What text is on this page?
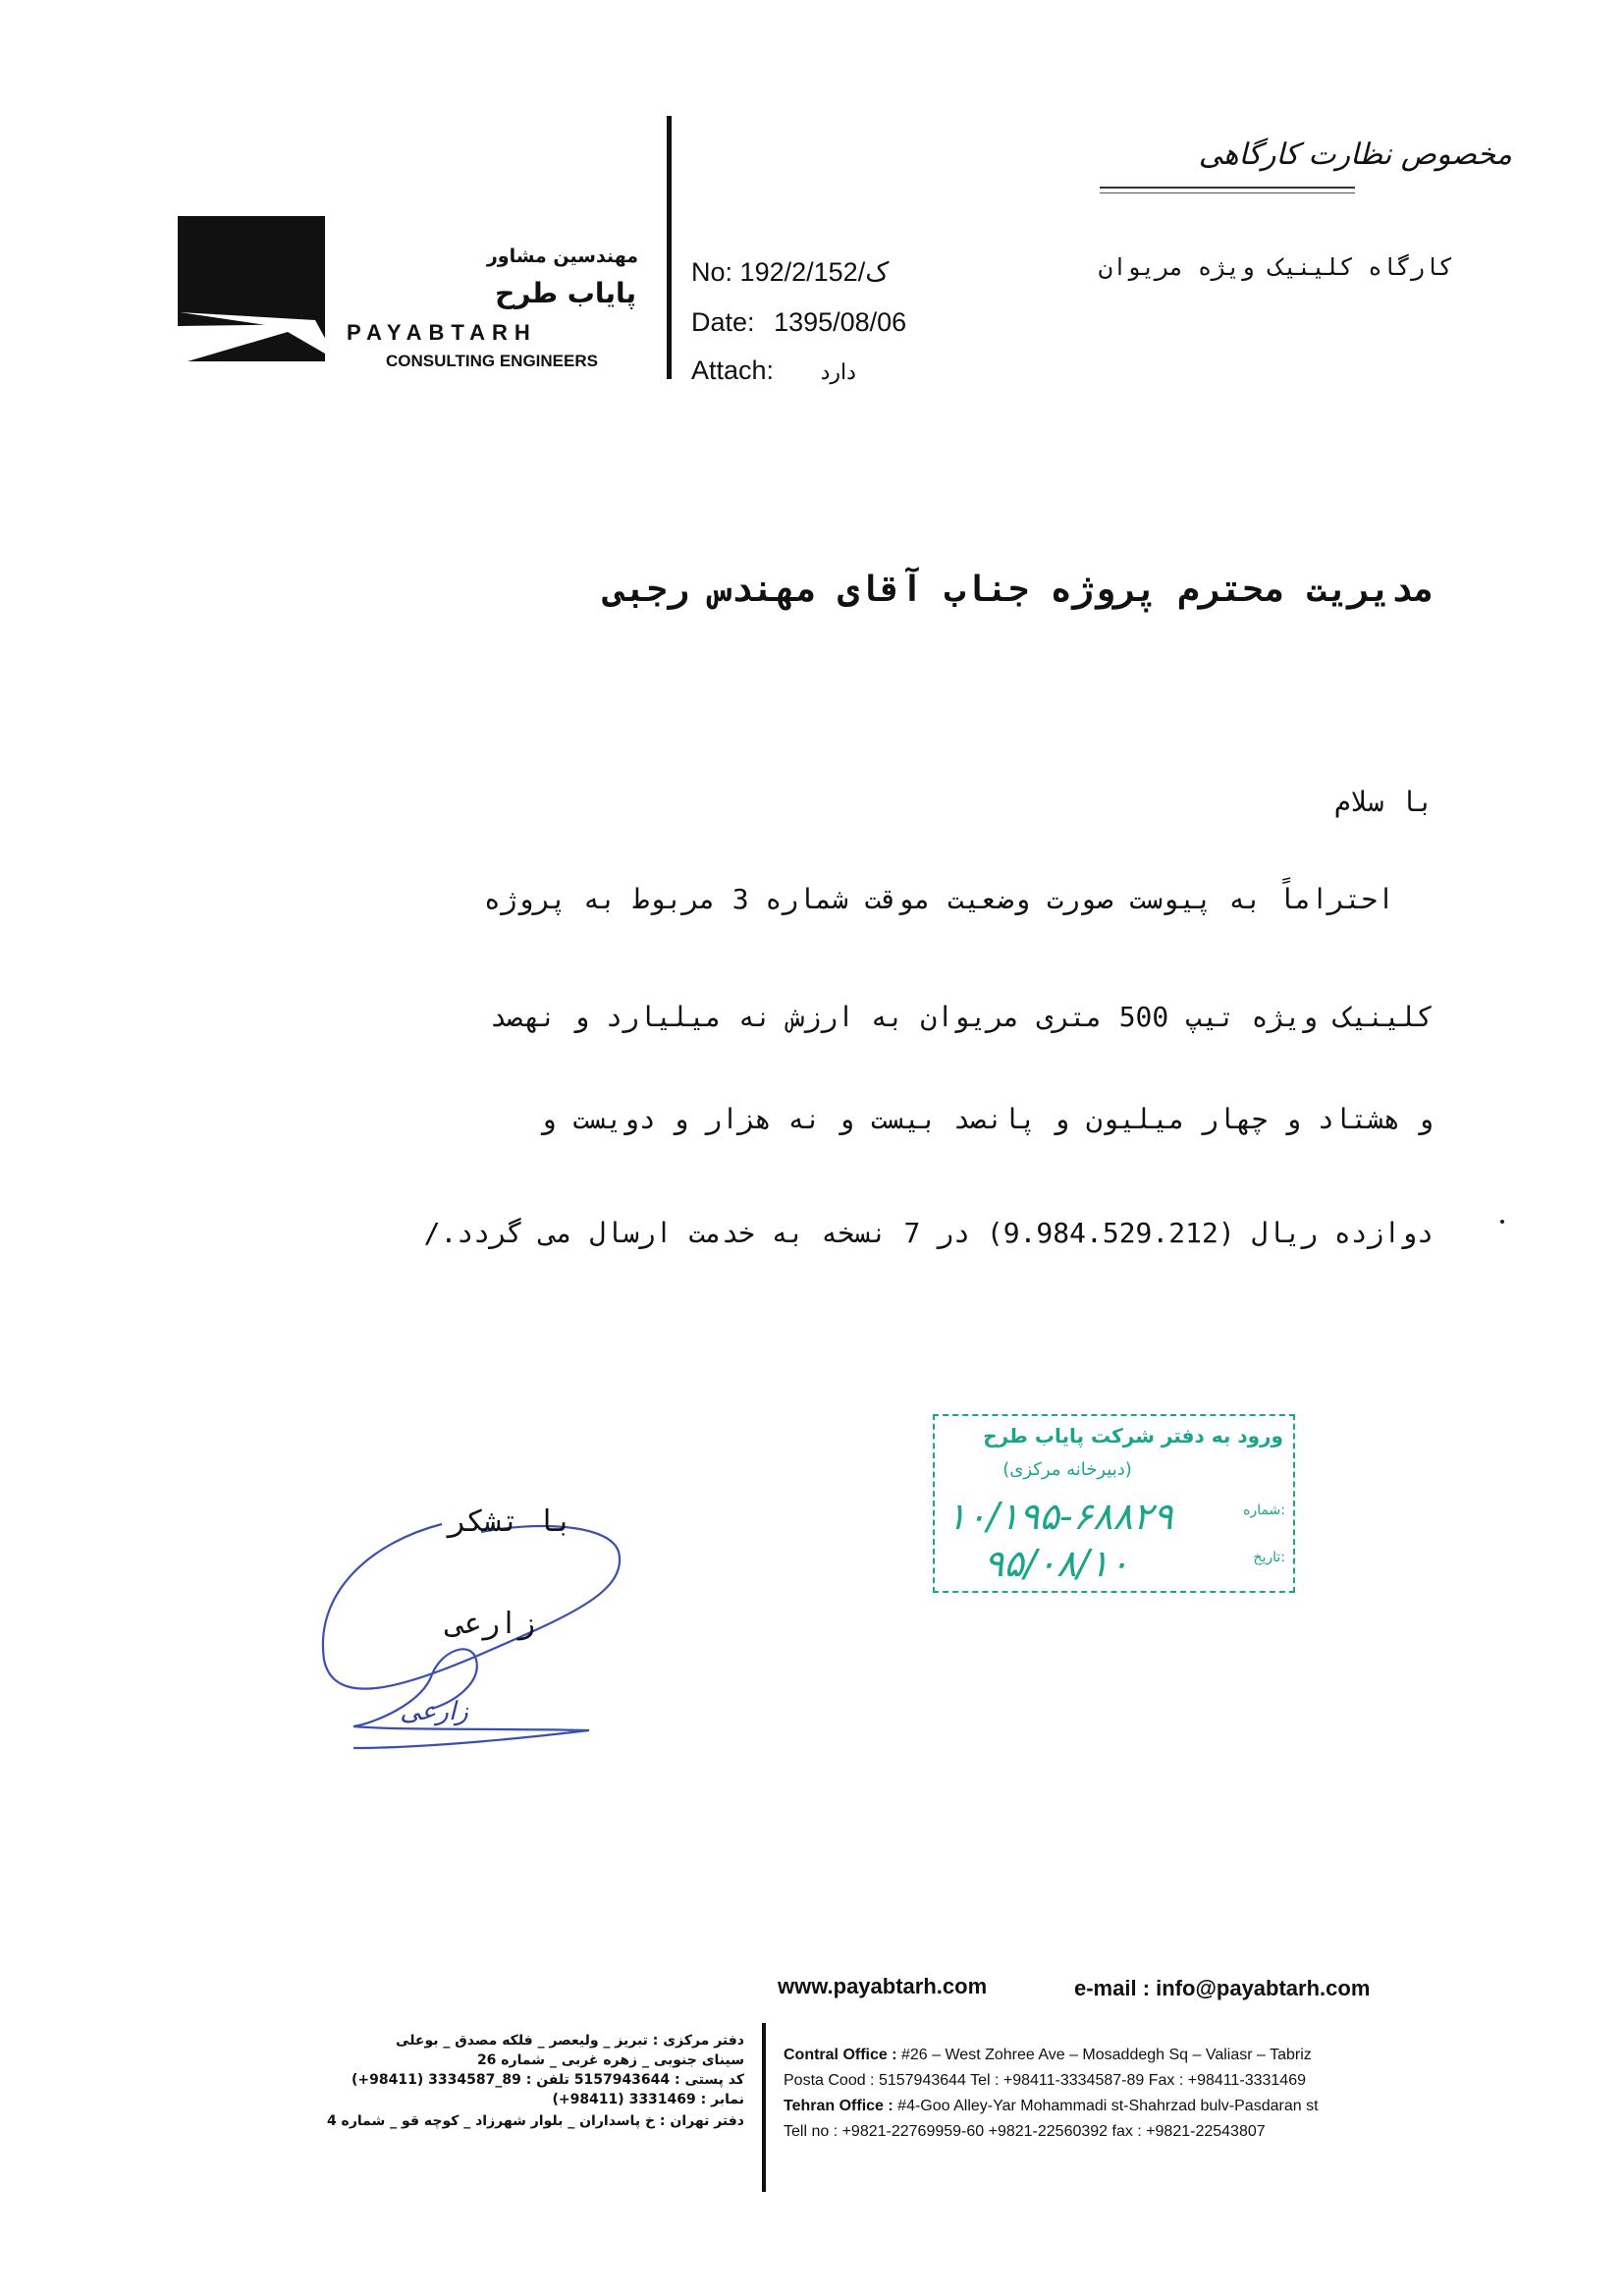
مخصوص نظارت کارگاهی
مهندسین مشاور
پایاب طرح
PAYABTARH
CONSULTING ENGINEERS
No: 192/2/ک/152
Date: 1395/08/06
Attach: دارد
کارگاه کلینیک ویژه مریوان
مدیریت محترم پروژه جناب آقای مهندس رجبی
با سلام
احتراماً به پیوست صورت وضعیت موقت شماره 3 مربوط به پروژه
کلینیک ویژه تیپ 500 متری مریوان به ارزش نه میلیارد و نهصد
و هشتاد و چهار میلیون و پانصد بیست و نه هزار و دویست و
دوازده ریال (9.984.529.212) در 7 نسخه به خدمت ارسال می گردد./
با تشکر
زارعی
زارعی
ورود به دفتر شرکت پایاب طرح
(دبیرخانه مرکزی)
شماره:
۱۰/۱۹۵-۶۸۸۲۹
تاریخ:
۹۵/۰۸/۱۰
www.payabtarh.com	e-mail : info@payabtarh.com
دفتر مرکزی : تبریز _ ولیعصر _ فلکه مصدق _ بوعلی
سینای جنوبی _ زهره غربی _ شماره 26
کد پستی : 5157943644 تلفن : 89_3334587 (98411+)
نمابر : 3331469 (98411+)
دفتر تهران : خ پاسداران _ بلوار شهرزاد _ کوچه قو _ شماره 4
Contral Office : #26 – West Zohree Ave – Mosaddegh Sq – Valiasr – Tabriz
Posta Cood : 5157943644 Tel : +98411-3334587-89 Fax : +98411-3331469
Tehran Office : #4-Goo Alley-Yar Mohammadi st-Shahrzad bulv-Pasdaran st
Tell no : +9821-22769959-60 +9821-22560392 fax : +9821-22543807
